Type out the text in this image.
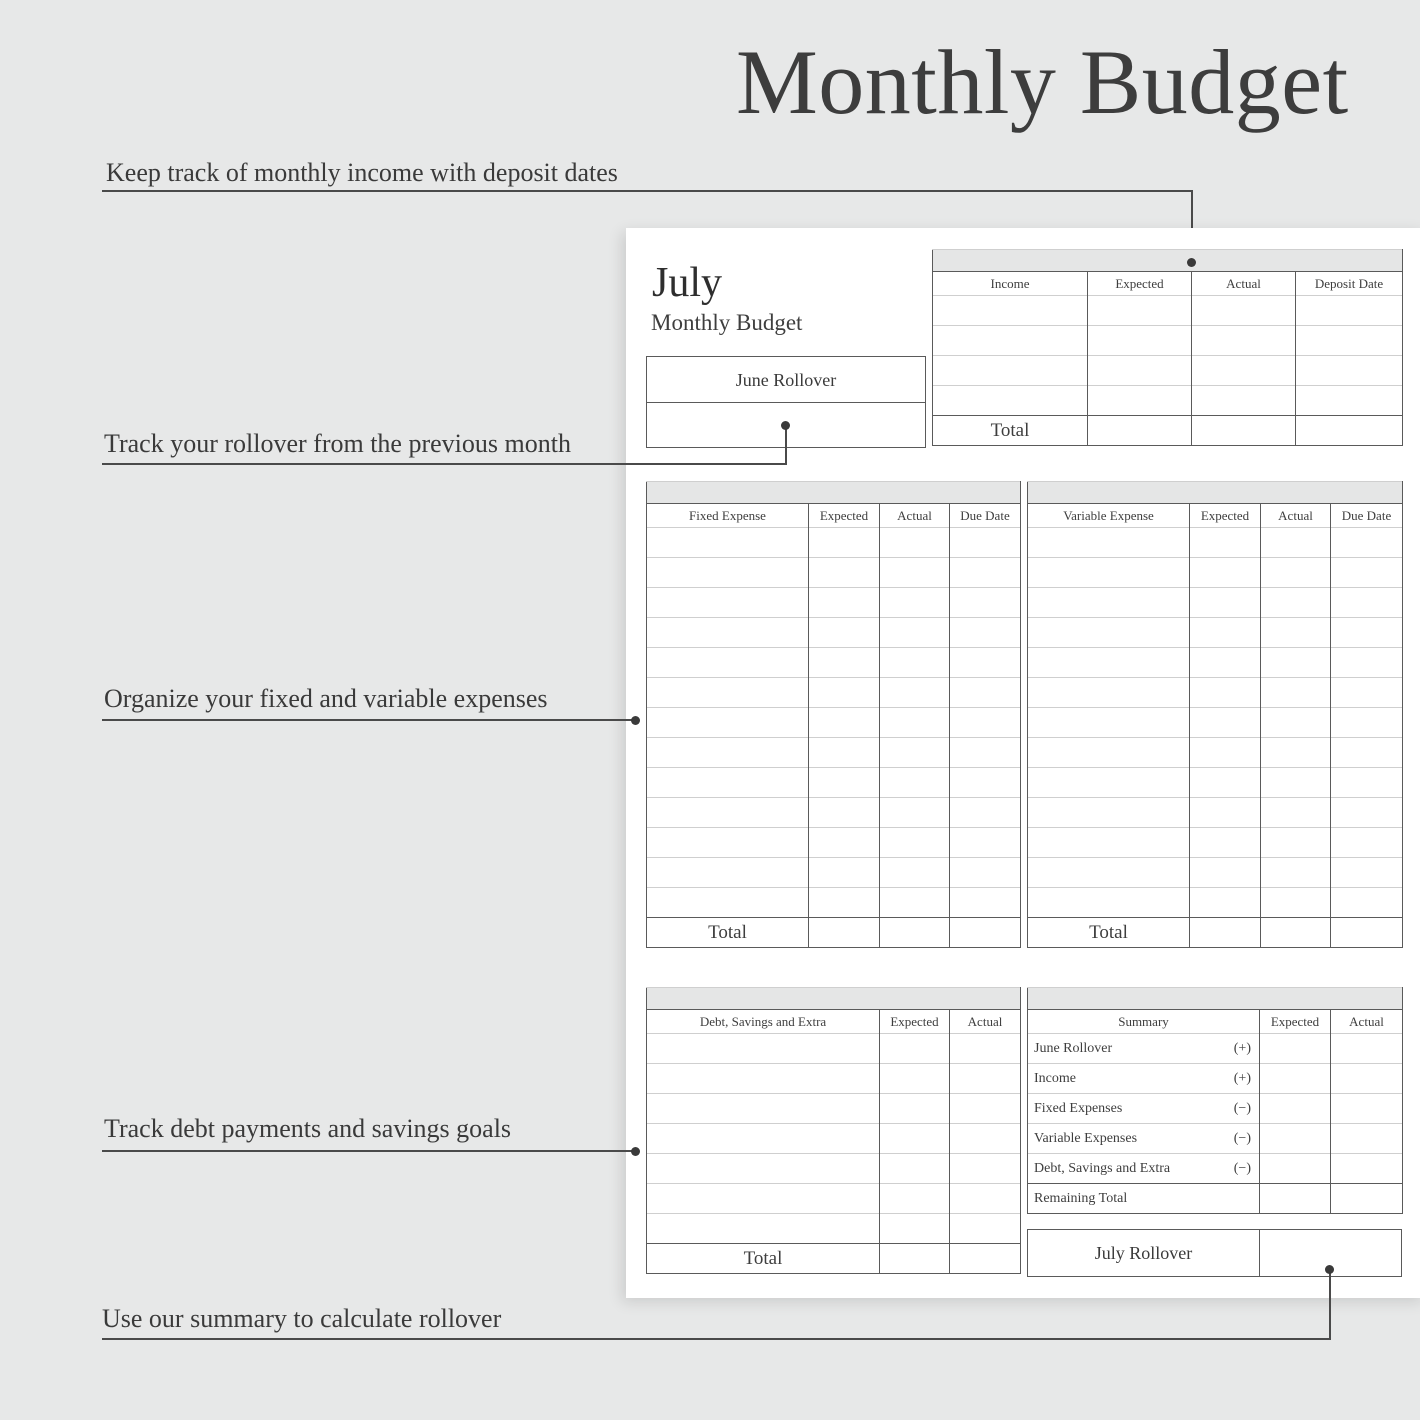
Monthly Budget
Keep track of monthly income with deposit dates
Track your rollover from the previous month
Organize your fixed and variable expenses
Track debt payments and savings goals
Use our summary to calculate rollover
July
Monthly Budget
June Rollover

Income	Expected	Actual	Deposit Date

Total			

Fixed Expense	Expected	Actual	Due Date

Total			

Variable Expense	Expected	Actual	Due Date

Total			

Debt, Savings and Extra	Expected	Actual

Total		

Summary	Expected	Actual

June Rollover (+)		

Income (+)		

Fixed Expenses (−)		

Variable Expenses (−)		

Debt, Savings and Extra (−)		

Remaining Total		
July Rollover
